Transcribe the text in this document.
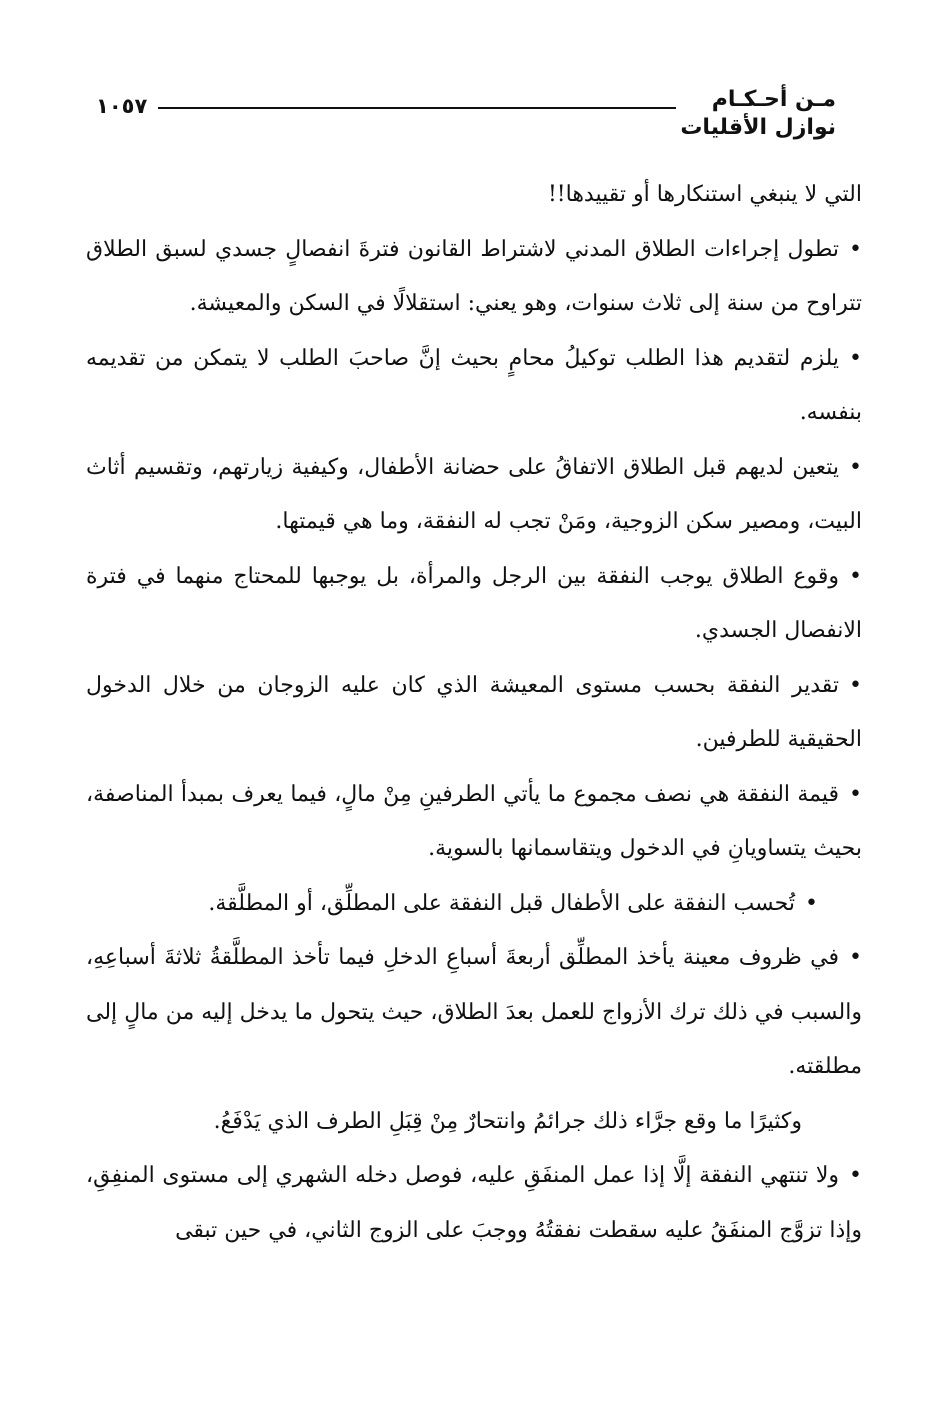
مـن أحـكـام
نوازل الأقليات
١٠٥٧

التي لا ينبغي استنكارها أو تقييدها!!

•تطول إجراءات الطلاق المدني لاشتراط القانون فترةَ انفصالٍ جسدي لسبق الطلاق تتراوح من سنة إلى ثلاث سنوات، وهو يعني: استقلالًا في السكن والمعيشة.

•يلزم لتقديم هذا الطلب توكيلُ محامٍ بحيث إنَّ صاحبَ الطلب لا يتمكن من تقديمه بنفسه.

•يتعين لديهم قبل الطلاق الاتفاقُ على حضانة الأطفال، وكيفية زيارتهم، وتقسيم أثاث البيت، ومصير سكن الزوجية، ومَنْ تجب له النفقة، وما هي قيمتها.

•وقوع الطلاق يوجب النفقة بين الرجل والمرأة، بل يوجبها للمحتاج منهما في فترة الانفصال الجسدي.

•تقدير النفقة بحسب مستوى المعيشة الذي كان عليه الزوجان من خلال الدخول الحقيقية للطرفين.

•قيمة النفقة هي نصف مجموع ما يأتي الطرفينِ مِنْ مالٍ، فيما يعرف بمبدأ المناصفة، بحيث يتساويانِ في الدخول ويتقاسمانها بالسوية.

•تُحسب النفقة على الأطفال قبل النفقة على المطلِّق، أو المطلَّقة.

•في ظروف معينة يأخذ المطلِّق أربعةَ أسباعِ الدخلِ فيما تأخذ المطلَّقةُ ثلاثةَ أسباعِهِ، والسبب في ذلك ترك الأزواج للعمل بعدَ الطلاق، حيث يتحول ما يدخل إليه من مالٍ إلى مطلقته.

وكثيرًا ما وقع جرَّاء ذلك جرائمُ وانتحارٌ مِنْ قِبَلِ الطرف الذي يَدْفَعُ.

•ولا تنتهي النفقة إلَّا إذا عمل المنفَقِ عليه، فوصل دخله الشهري إلى مستوى المنفِقِ، وإذا تزوَّج المنفَقُ عليه سقطت نفقتُهُ ووجبَ على الزوج الثاني، في حين تبقى
